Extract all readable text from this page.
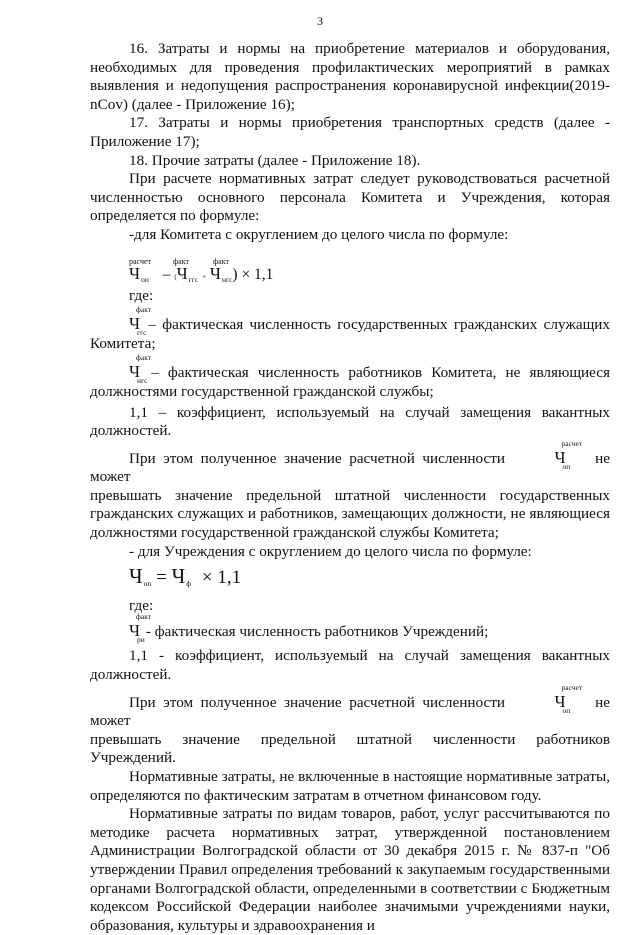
3

16. Затраты и нормы на приобретение материалов и оборудования, необходимых для проведения профилактических мероприятий в рамках выявления и недопущения распространения коронавирусной инфекции(2019-nCov) (далее - Приложение 16);

17. Затраты и нормы приобретения транспортных средств (далее - Приложение 17);

18. Прочие затраты (далее - Приложение 18).

При расчете нормативных затрат следует руководствоваться расчетной численностью основного персонала Комитета и Учреждения, которая определяется по формуле:

-для Комитета с округлением до целого числа по формуле:

расчет	факт	факт
Чоп – (Чггс + Чнгс) × 1,1

где:

Ч
факт
ггс – фактическая численность государственных гражданских служащих

Комитета;

Ч
факт
нгс – фактическая численность работников Комитета, не являющиеся

должностями государственной гражданской службы;

1,1 – коэффициент, используемый на случай замещения вакантных должностей.

При этом полученное значение расчетной численности	Ч
расчет
оп не может

превышать значение предельной штатной численности государственных гражданских служащих и работников, замещающих должности, не являющиеся должностями государственной гражданской службы Комитета;

- для Учреждения с округлением до целого числа по формуле:

Чоп = Чф × 1,1

где:

Ч
факт
ри - фактическая численность работников Учреждений;

1,1 - коэффициент, используемый на случай замещения вакантных должностей.

При этом полученное значение расчетной численности	Ч
расчет
оп не может

превышать значение предельной штатной численности работников Учреждений.

Нормативные затраты, не включенные в настоящие нормативные затраты, определяются по фактическим затратам в отчетном финансовом году.

Нормативные затраты по видам товаров, работ, услуг рассчитываются по методике расчета нормативных затрат, утвержденной постановлением Администрации Волгоградской области от 30 декабря 2015 г. № 837-п "Об утверждении Правил определения требований к закупаемым государственными органами Волгоградской области, определенными в соответствии с Бюджетным кодексом Российской Федерации наиболее значимыми учреждениями науки, образования, культуры и здравоохранения и
